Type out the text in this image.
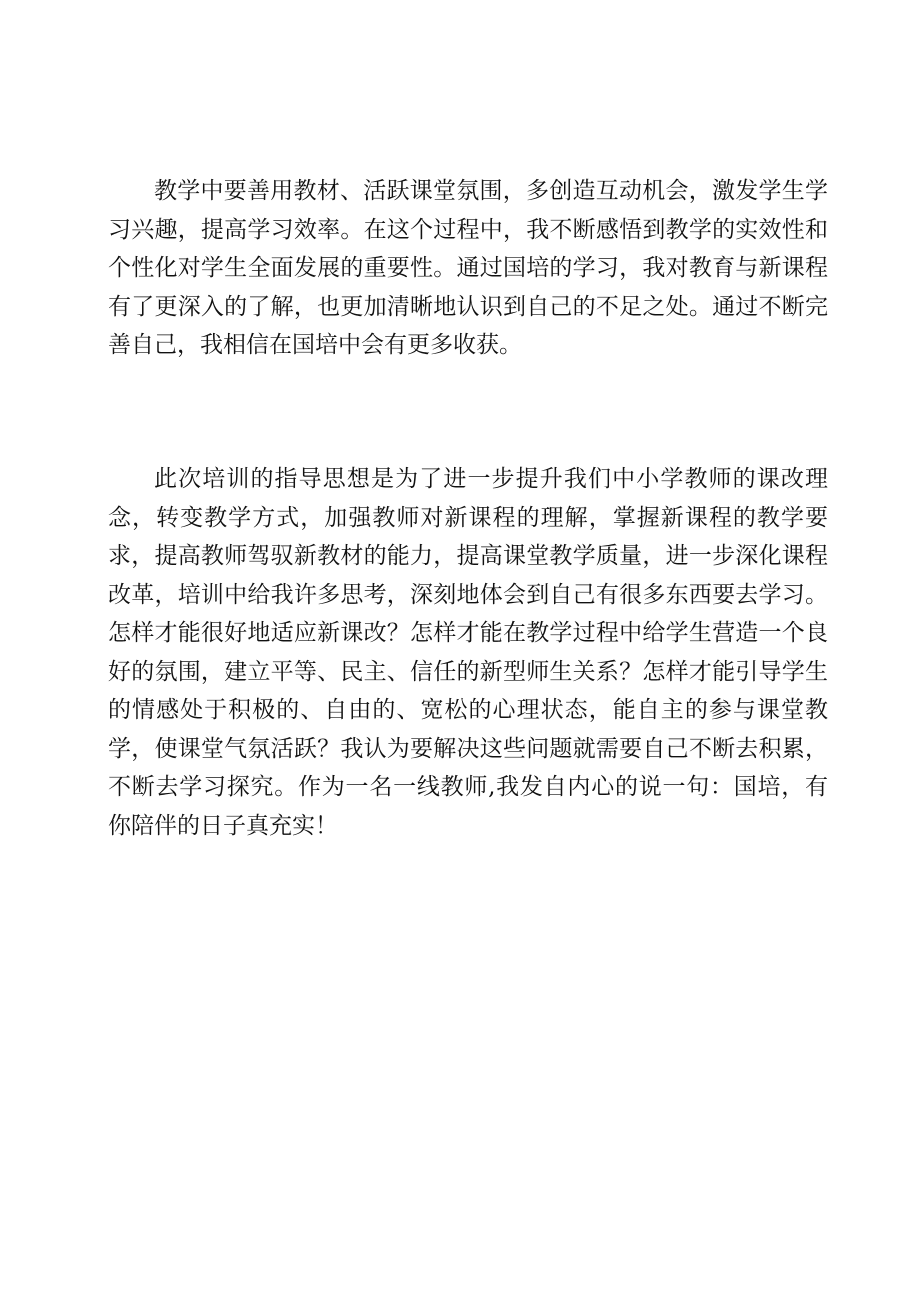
教学中要善用教材、活跃课堂氛围，多创造互动机会，激发学生学习兴趣，提高学习效率。在这个过程中，我不断感悟到教学的实效性和个性化对学生全面发展的重要性。通过国培的学习，我对教育与新课程有了更深入的了解，也更加清晰地认识到自己的不足之处。通过不断完善自己，我相信在国培中会有更多收获。

此次培训的指导思想是为了进一步提升我们中小学教师的课改理念，转变教学方式，加强教师对新课程的理解，掌握新课程的教学要求，提高教师驾驭新教材的能力，提高课堂教学质量，进一步深化课程改革，培训中给我许多思考，深刻地体会到自己有很多东西要去学习。怎样才能很好地适应新课改？怎样才能在教学过程中给学生营造一个良好的氛围，建立平等、民主、信任的新型师生关系？怎样才能引导学生的情感处于积极的、自由的、宽松的心理状态，能自主的参与课堂教学，使课堂气氛活跃？我认为要解决这些问题就需要自己不断去积累，不断去学习探究。作为一名一线教师,我发自内心的说一句：国培，有你陪伴的日子真充实！
